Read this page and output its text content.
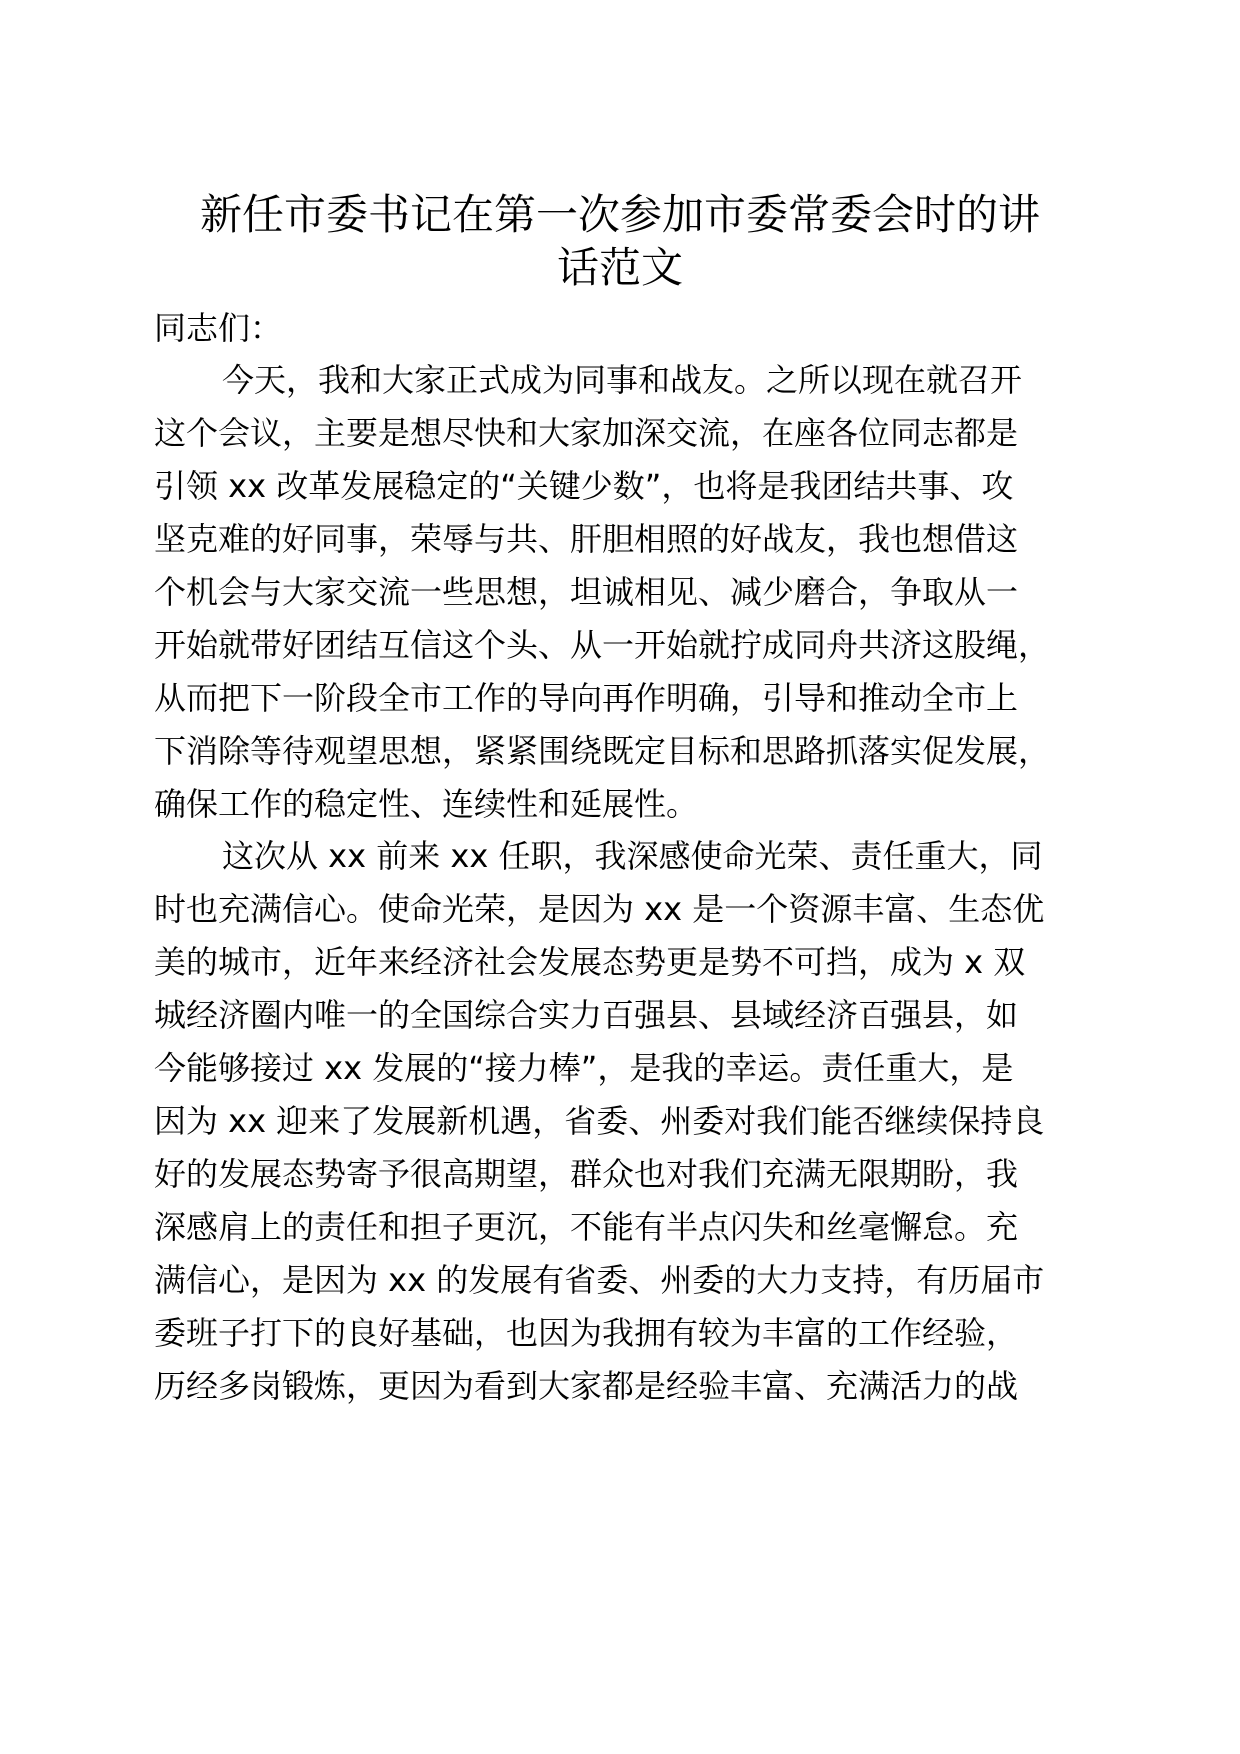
新任市委书记在第一次参加市委常委会时的讲
话范文
同志们：
今天，我和大家正式成为同事和战友。之所以现在就召开
这个会议，主要是想尽快和大家加深交流，在座各位同志都是
引领 xx 改革发展稳定的“关键少数”，也将是我团结共事、攻
坚克难的好同事，荣辱与共、肝胆相照的好战友，我也想借这
个机会与大家交流一些思想，坦诚相见、减少磨合，争取从一
开始就带好团结互信这个头、从一开始就拧成同舟共济这股绳，
从而把下一阶段全市工作的导向再作明确，引导和推动全市上
下消除等待观望思想，紧紧围绕既定目标和思路抓落实促发展，
确保工作的稳定性、连续性和延展性。
这次从 xx 前来 xx 任职，我深感使命光荣、责任重大，同
时也充满信心。使命光荣，是因为 xx 是一个资源丰富、生态优
美的城市，近年来经济社会发展态势更是势不可挡，成为 x 双
城经济圈内唯一的全国综合实力百强县、县域经济百强县，如
今能够接过 xx 发展的“接力棒”，是我的幸运。责任重大，是
因为 xx 迎来了发展新机遇，省委、州委对我们能否继续保持良
好的发展态势寄予很高期望，群众也对我们充满无限期盼，我
深感肩上的责任和担子更沉，不能有半点闪失和丝毫懈怠。充
满信心，是因为 xx 的发展有省委、州委的大力支持，有历届市
委班子打下的良好基础，也因为我拥有较为丰富的工作经验，
历经多岗锻炼，更因为看到大家都是经验丰富、充满活力的战
